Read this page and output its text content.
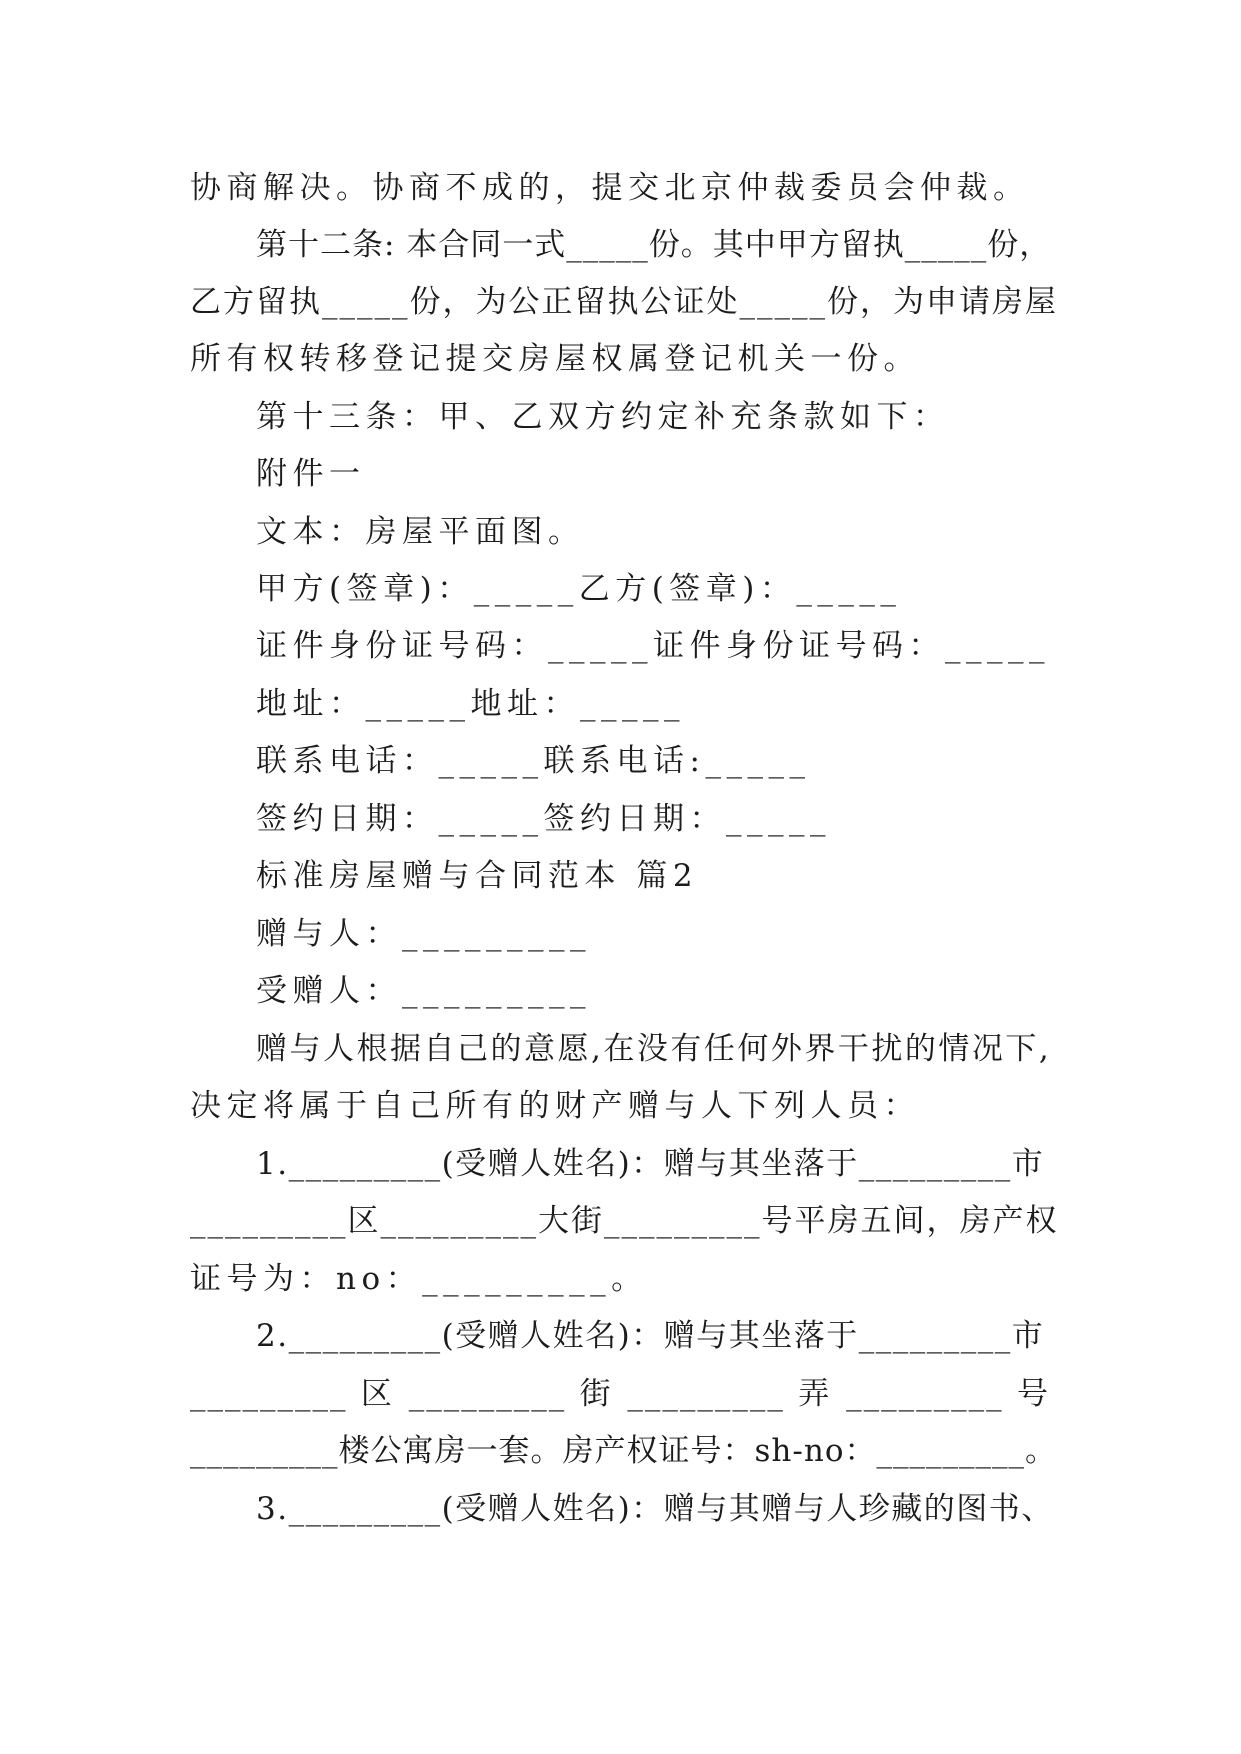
协商解决。协商不成的，提交北京仲裁委员会仲裁。
第十二条: 本合同一式_____份。其中甲方留执_____份，
乙方留执_____份，为公正留执公证处_____份，为申请房屋
所有权转移登记提交房屋权属登记机关一份。
第十三条：甲、乙双方约定补充条款如下：
附件一
文本：房屋平面图。
甲方(签章)：_____乙方(签章)：_____
证件身份证号码：_____证件身份证号码：_____
地址：_____地址：_____
联系电话：_____联系电话:_____
签约日期：_____签约日期：_____
标准房屋赠与合同范本 篇2
赠与人：_________
受赠人：_________
赠与人根据自己的意愿,在没有任何外界干扰的情况下,
决定将属于自己所有的财产赠与人下列人员：
1._________(受赠人姓名)：赠与其坐落于_________市
_________区_________大街_________号平房五间，房产权
证号为：no：_________。
2._________(受赠人姓名)：赠与其坐落于_________市
_________ 区 _________ 街 _________ 弄 _________ 号
_________楼公寓房一套。房产权证号：sh-no：_________。
3._________(受赠人姓名)：赠与其赠与人珍藏的图书、
